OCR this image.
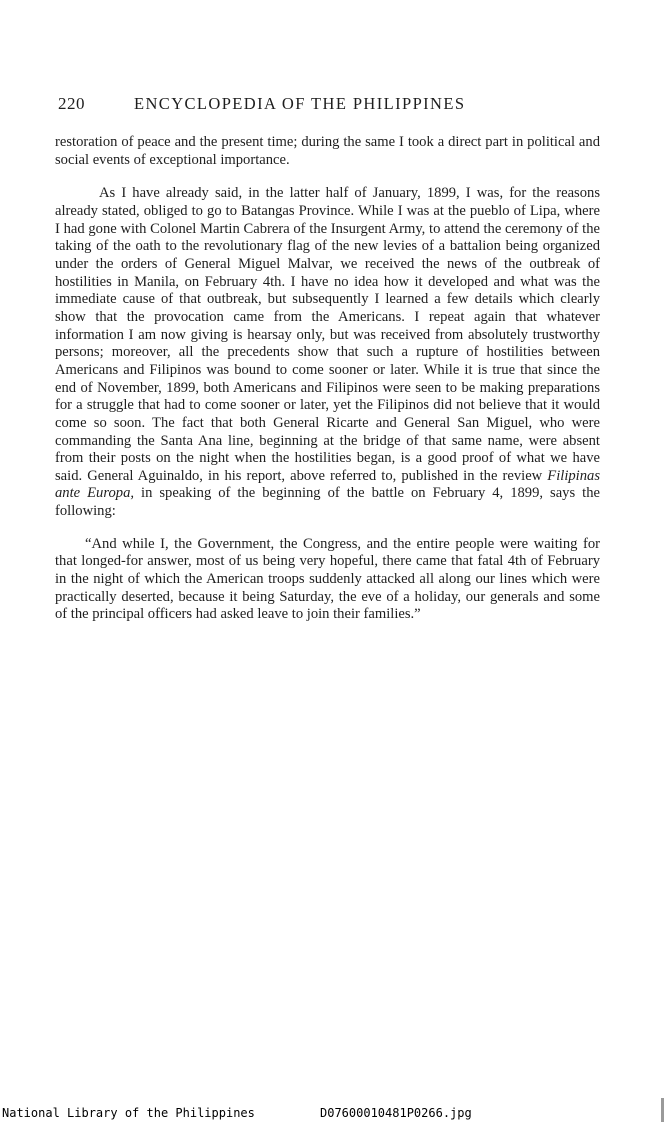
220	ENCYCLOPEDIA OF THE PHILIPPINES

restoration of peace and the present time; during the same I took a direct part in political and social events of exceptional importance.

As I have already said, in the latter half of January, 1899, I was, for the reasons already stated, obliged to go to Batangas Province. While I was at the pueblo of Lipa, where I had gone with Colonel Martin Cabrera of the Insurgent Army, to attend the ceremony of the taking of the oath to the revolutionary flag of the new levies of a battalion being organized under the orders of General Miguel Malvar, we received the news of the outbreak of hostilities in Manila, on February 4th. I have no idea how it developed and what was the immediate cause of that outbreak, but subsequently I learned a few details which clearly show that the provocation came from the Americans. I repeat again that whatever information I am now giving is hearsay only, but was received from absolutely trustworthy persons; moreover, all the precedents show that such a rupture of hostilities between Americans and Filipinos was bound to come sooner or later. While it is true that since the end of November, 1899, both Americans and Filipinos were seen to be making preparations for a struggle that had to come sooner or later, yet the Filipinos did not believe that it would come so soon. The fact that both General Ricarte and General San Miguel, who were commanding the Santa Ana line, beginning at the bridge of that same name, were absent from their posts on the night when the hostilities began, is a good proof of what we have said. General Aguinaldo, in his report, above referred to, published in the review Filipinas ante Europa, in speaking of the beginning of the battle on February 4, 1899, says the following:

“And while I, the Government, the Congress, and the entire people were waiting for that longed-for answer, most of us being very hopeful, there came that fatal 4th of February in the night of which the American troops suddenly attacked all along our lines which were practically deserted, because it being Saturday, the eve of a holiday, our generals and some of the principal officers had asked leave to join their families.”

National Library of the Philippines	D07600010481P0266.jpg
